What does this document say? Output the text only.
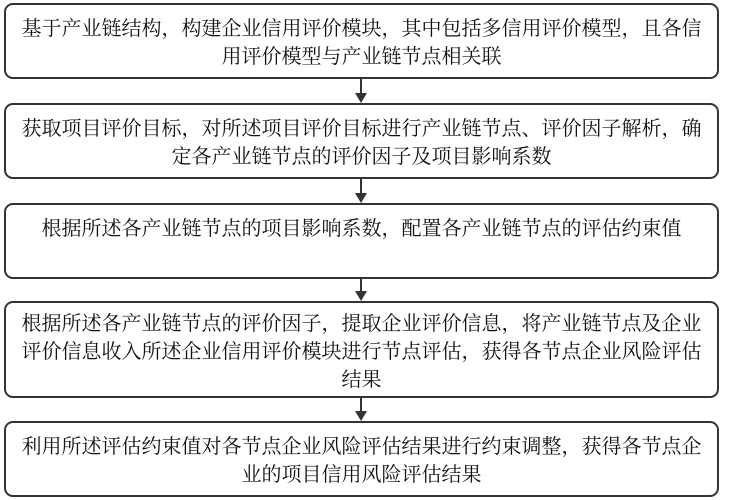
基于产业链结构，构建企业信用评价模块，其中包括多信用评价模型，且各信用评价模型与产业链节点相关联

获取项目评价目标，对所述项目评价目标进行产业链节点、评价因子解析，确定各产业链节点的评价因子及项目影响系数

根据所述各产业链节点的项目影响系数，配置各产业链节点的评估约束值

根据所述各产业链节点的评价因子，提取企业评价信息，将产业链节点及企业评价信息收入所述企业信用评价模块进行节点评估，获得各节点企业风险评估结果

利用所述评估约束值对各节点企业风险评估结果进行约束调整，获得各节点企业的项目信用风险评估结果
